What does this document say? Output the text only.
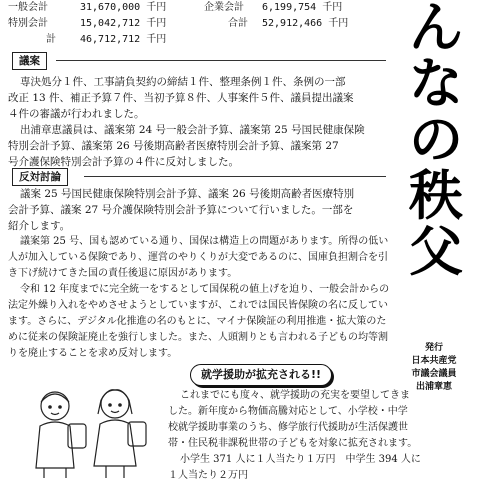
一般会計	31,670,000 千円	企業会計 6,199,754 千円
特別会計	15,042,712 千円	合計 52,912,466 千円
計 46,712,712 千円
議案
専決処分１件、工事請負契約の締結１件、整理条例１件、条例の一部
改正 13 件、補正予算７件、当初予算８件、人事案件５件、議員提出議案
４件の審議が行われました。
出浦章恵議員は、議案第 24 号一般会計予算、議案第 25 号国民健康保険
特別会計予算、議案第 26 号後期高齢者医療特別会計予算、議案第 27
号介護保険特別会計予算の４件に反対しました。
反対討論
議案 25 号国民健康保険特別会計予算、議案 26 号後期高齢者医療特別
会計予算、議案 27 号介護保険特別会計予算について行いました。一部を
紹介します。
議案第 25 号、国も認めている通り、国保は構造上の問題があります。所得の低い
人が加入している保険であり、運営のやりくりが大変であるのに、国庫負担割合を引
き下げ続けてきた国の責任後退に原因があります。
令和 12 年度までに完全統一をするとして国保税の値上げを迫り、一般会計からの
法定外繰り入れをやめさせようとしていますが、これでは国民皆保険の名に反してい
ます。さらに、デジタル化推進の名のもとに、マイナ保険証の利用推進・拡大策のた
めに従来の保険証廃止を強行しました。また、人頭割りとも言われる子どもの均等割
りを廃止することを求め反対します。
就学援助が拡充される!!
これまでにも度々、就学援助の充実を要望してきま
した。新年度から物価高騰対応として、小学校・中学
校就学援助事業のうち、修学旅行代援助が生活保護世
帯・住民税非課税世帯の子どもを対象に拡充されます。
小学生 371 人に１人当たり１万円　中学生 394 人に
１人当たり２万円
ん
な
の
秩
父
発行
日本共産党
市議会議員
出浦章恵
